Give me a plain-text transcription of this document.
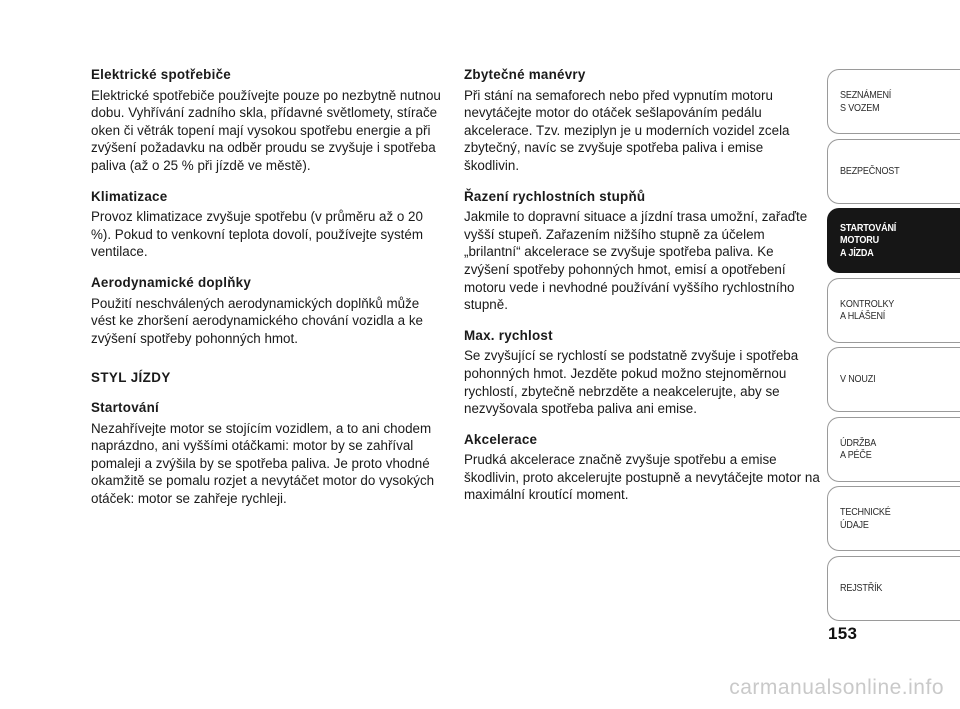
Elektrické spotřebiče

Elektrické spotřebiče používejte pouze po nezbytně nutnou dobu. Vyhřívání zadního skla, přídavné světlomety, stírače oken či větrák topení mají vysokou spotřebu energie a při zvýšení požadavku na odběr proudu se zvyšuje i spotřeba paliva (až o 25 % při jízdě ve městě).

Klimatizace

Provoz klimatizace zvyšuje spotřebu (v průměru až o 20 %). Pokud to venkovní teplota dovolí, používejte systém ventilace.

Aerodynamické doplňky

Použití neschválených aerodynamických doplňků může vést ke zhoršení aerodynamického chování vozidla a ke zvýšení spotřeby pohonných hmot.

STYL JÍZDY
Startování

Nezahřívejte motor se stojícím vozidlem, a to ani chodem naprázdno, ani vyššími otáčkami: motor by se zahříval pomaleji a zvýšila by se spotřeba paliva. Je proto vhodné okamžitě se pomalu rozjet a nevytáčet motor do vysokých otáček: motor se zahřeje rychleji.

Zbytečné manévry

Při stání na semaforech nebo před vypnutím motoru nevytáčejte motor do otáček sešlapováním pedálu akcelerace. Tzv. meziplyn je u moderních vozidel zcela zbytečný, navíc se zvyšuje spotřeba paliva i emise škodlivin.

Řazení rychlostních stupňů

Jakmile to dopravní situace a jízdní trasa umožní, zařaďte vyšší stupeň. Zařazením nižšího stupně za účelem „brilantní“ akcelerace se zvyšuje spotřeba paliva. Ke zvýšení spotřeby pohonných hmot, emisí a opotřebení motoru vede i nevhodné používání vyššího rychlostního stupně.

Max. rychlost

Se zvyšující se rychlostí se podstatně zvyšuje i spotřeba pohonných hmot. Jezděte pokud možno stejnoměrnou rychlostí, zbytečně nebrzděte a neakcelerujte, aby se nezvyšovala spotřeba paliva ani emise.

Akcelerace

Prudká akcelerace značně zvyšuje spotřebu a emise škodlivin, proto akcelerujte postupně a nevytáčejte motor na maximální kroutící moment.

SEZNÁMENÍ
S VOZEM
BEZPEČNOST
STARTOVÁNÍ
MOTORU
A JÍZDA
KONTROLKY
A HLÁŠENÍ
V NOUZI
ÚDRŽBA
A PÉČE
TECHNICKÉ
ÚDAJE
REJSTŘÍK
153
carmanualsonline.info
